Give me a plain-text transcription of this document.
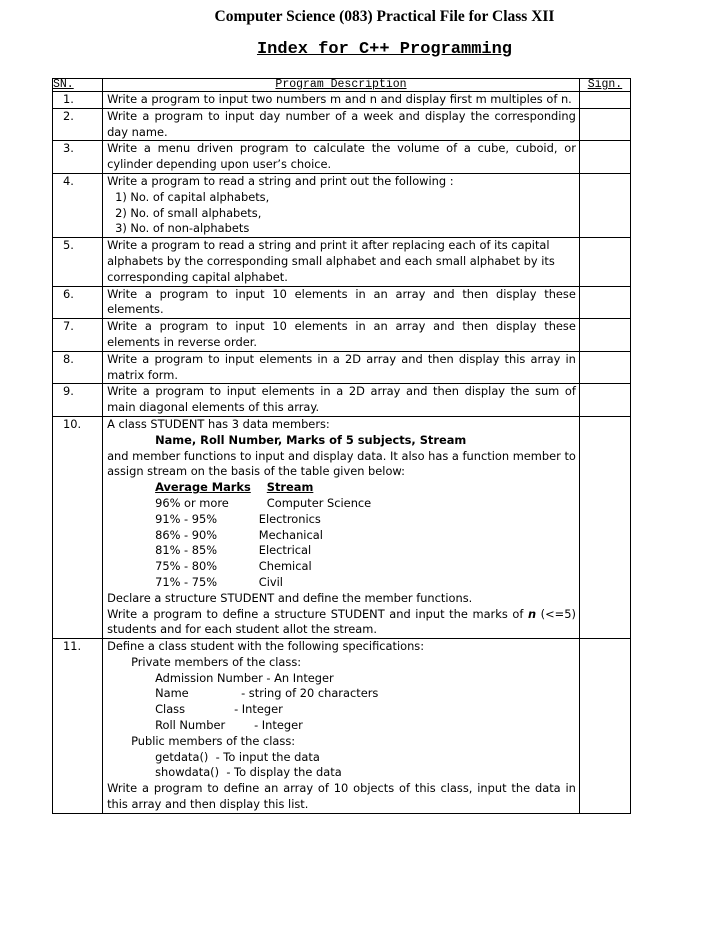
Computer Science (083) Practical File for Class XII
Index for C++ Programming
SN.	Program Description	Sign.
1.	Write a program to input two numbers m and n and display first m multiples of n.	
2.	Write a program to input day number of a week and display the corresponding day name.	
3.	Write a menu driven program to calculate the volume of a cube, cuboid, or cylinder depending upon user’s choice.	
4.	Write a program to read a string and print out the following :
1) No. of capital alphabets,
2) No. of small alphabets,
3) No. of non-alphabets

5.	Write a program to read a string and print it after replacing each of its capital alphabets by the corresponding small alphabet and each small alphabet by its corresponding capital alphabet.	
6.	Write a program to input 10 elements in an array and then display these elements.	
7.	Write a program to input 10 elements in an array and then display these elements in reverse order.	
8.	Write a program to input elements in a 2D array and then display this array in matrix form.	
9.	Write a program to input elements in a 2D array and then display the sum of main diagonal elements of this array.	
10.	A class STUDENT has 3 data members:
Name, Roll Number, Marks of 5 subjects, Stream
and member functions to input and display data. It also has a function member to assign stream on the basis of the table given below:
Average Marks	Stream
96% or more	Computer Science
91% - 95%	Electronics
86% - 90%	Mechanical
81% - 85%	Electrical
75% - 80%	Chemical
71% - 75%	Civil
Declare a structure STUDENT and define the member functions.
Write a program to define a structure STUDENT and input the marks of n (<=5) students and for each student allot the stream.

11.	Define a class student with the following specifications:
Private members of the class:
Admission Number - An Integer
Name	- string of 20 characters
Class	- Integer
Roll Number	- Integer
Public members of the class:
getdata() - To input the data
showdata() - To display the data
Write a program to define an array of 10 objects of this class, input the data in this array and then display this list.
